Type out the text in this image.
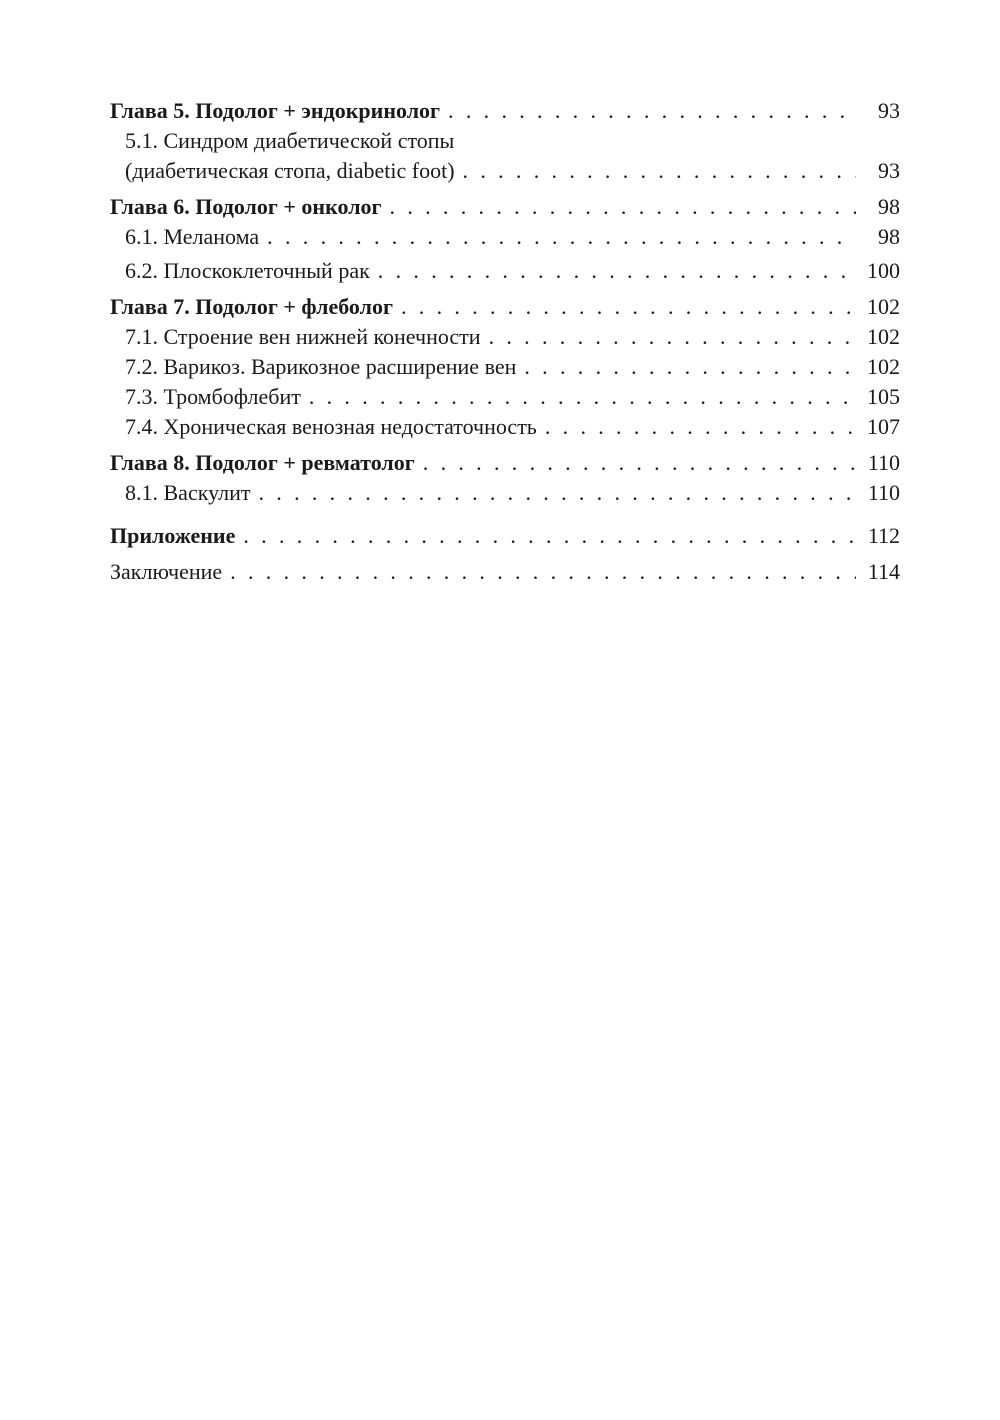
Глава 5. Подолог + эндокринолог . . .	93
5.1. Синдром диабетической стопы
(диабетическая стопа, diabetic foot) . . .	93
Глава 6. Подолог + онколог . . .	98
6.1. Меланома . . .	98
6.2. Плоскоклеточный рак . . .	100
Глава 7. Подолог + флеболог . . .	102
7.1. Строение вен нижней конечности . . .	102
7.2. Варикоз. Варикозное расширение вен . . .	102
7.3. Тромбофлебит . . .	105
7.4. Хроническая венозная недостаточность . . .	107
Глава 8. Подолог + ревматолог . . .	110
8.1. Васкулит . . .	110
Приложение . . .	112
Заключение . . .	114
